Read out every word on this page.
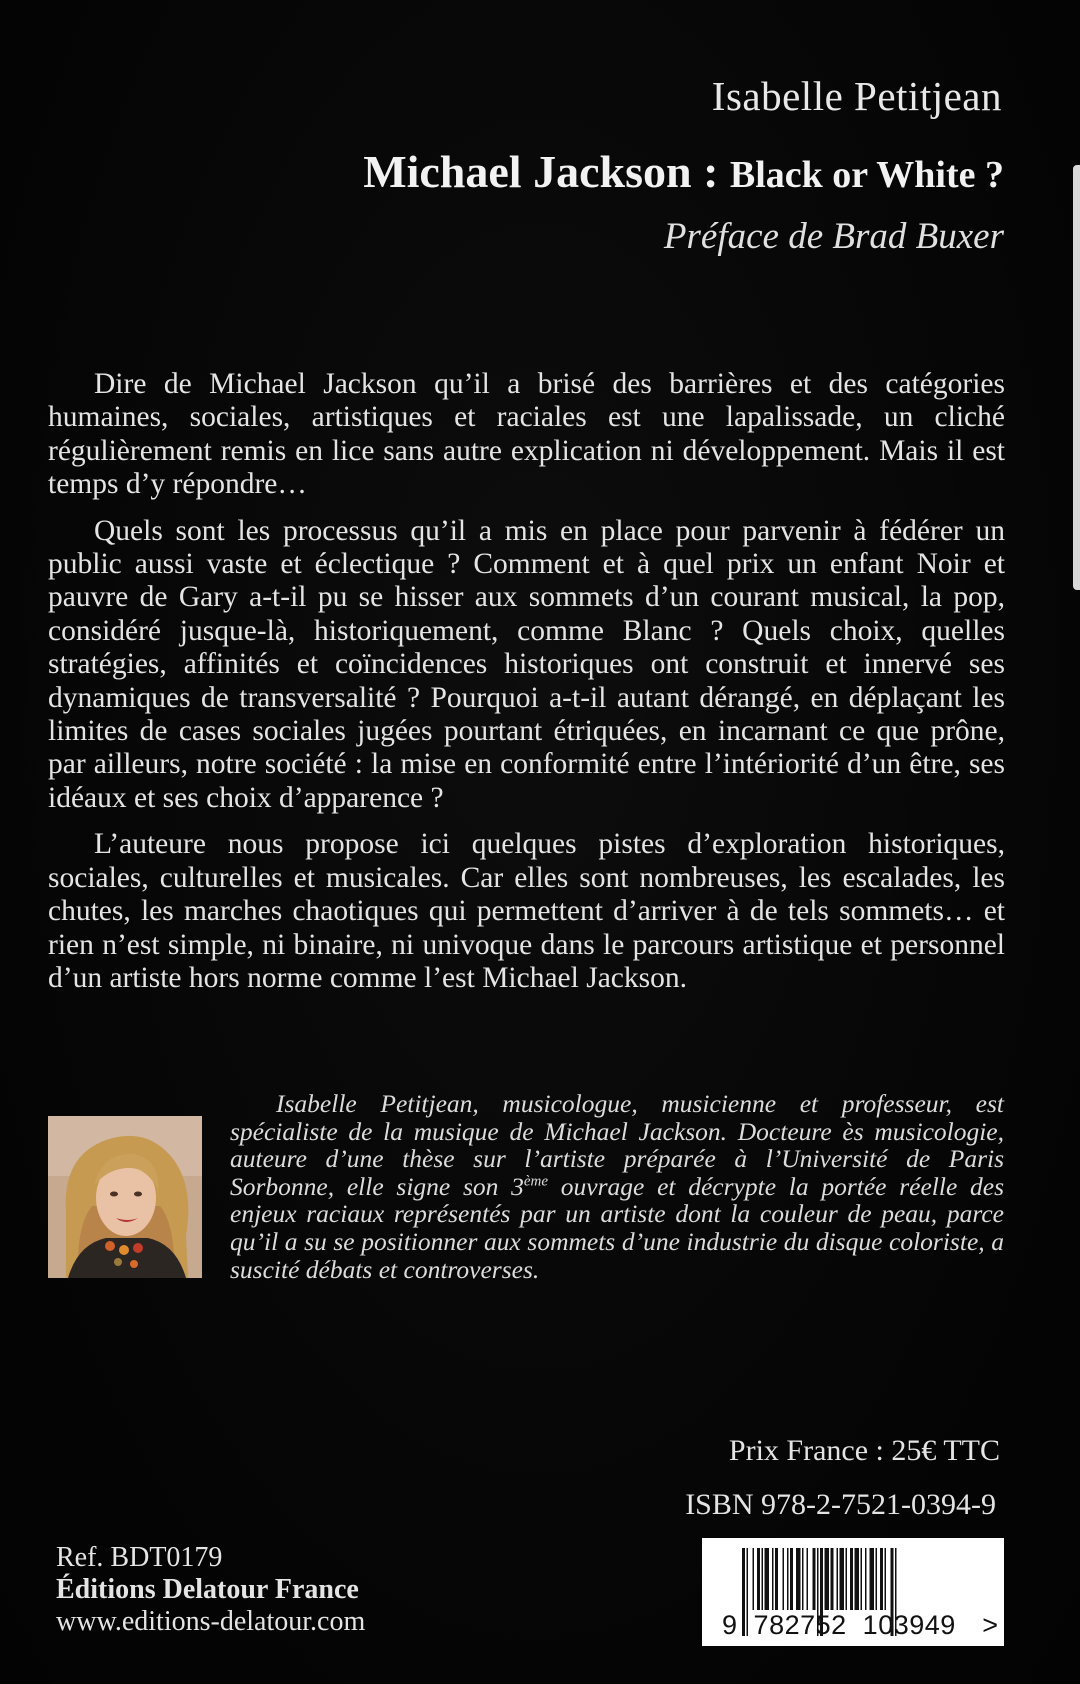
Isabelle Petitjean
Michael Jackson : Black or White ?
Préface de Brad Buxer

Dire de Michael Jackson qu’il a brisé des barrières et des catégories humaines, sociales, artistiques et raciales est une lapalissade, un cliché régulièrement remis en lice sans autre explication ni développement. Mais il est temps d’y répondre…

Quels sont les processus qu’il a mis en place pour parvenir à fédérer un public aussi vaste et éclectique ? Comment et à quel prix un enfant Noir et pauvre de Gary a-t-il pu se hisser aux sommets d’un courant musical, la pop, considéré jusque-là, historiquement, comme Blanc ? Quels choix, quelles stratégies, affinités et coïncidences historiques ont construit et innervé ses dynamiques de transversalité ? Pourquoi a-t-il autant dérangé, en déplaçant les limites de cases sociales jugées pourtant étriquées, en incarnant ce que prône, par ailleurs, notre société : la mise en conformité entre l’intériorité d’un être, ses idéaux et ses choix d’apparence ?

L’auteure nous propose ici quelques pistes d’exploration historiques, sociales, culturelles et musicales. Car elles sont nombreuses, les escalades, les chutes, les marches chaotiques qui permettent d’arriver à de tels sommets… et rien n’est simple, ni binaire, ni univoque dans le parcours artistique et personnel d’un artiste hors norme comme l’est Michael Jackson.

Isabelle Petitjean, musicologue, musicienne et professeur, est spécialiste de la musique de Michael Jackson. Docteure ès musicologie, auteure d’une thèse sur l’artiste préparée à l’Université de Paris Sorbonne, elle signe son 3ème ouvrage et décrypte la portée réelle des enjeux raciaux représentés par un artiste dont la couleur de peau, parce qu’il a su se positionner aux sommets d’une industrie du disque coloriste, a suscité débats et controverses.
Prix France : 25€ TTC
ISBN 978-2-7521-0394-9
Ref. BDT0179
Éditions Delatour France
www.editions-delatour.com	9 782752 103949 >
